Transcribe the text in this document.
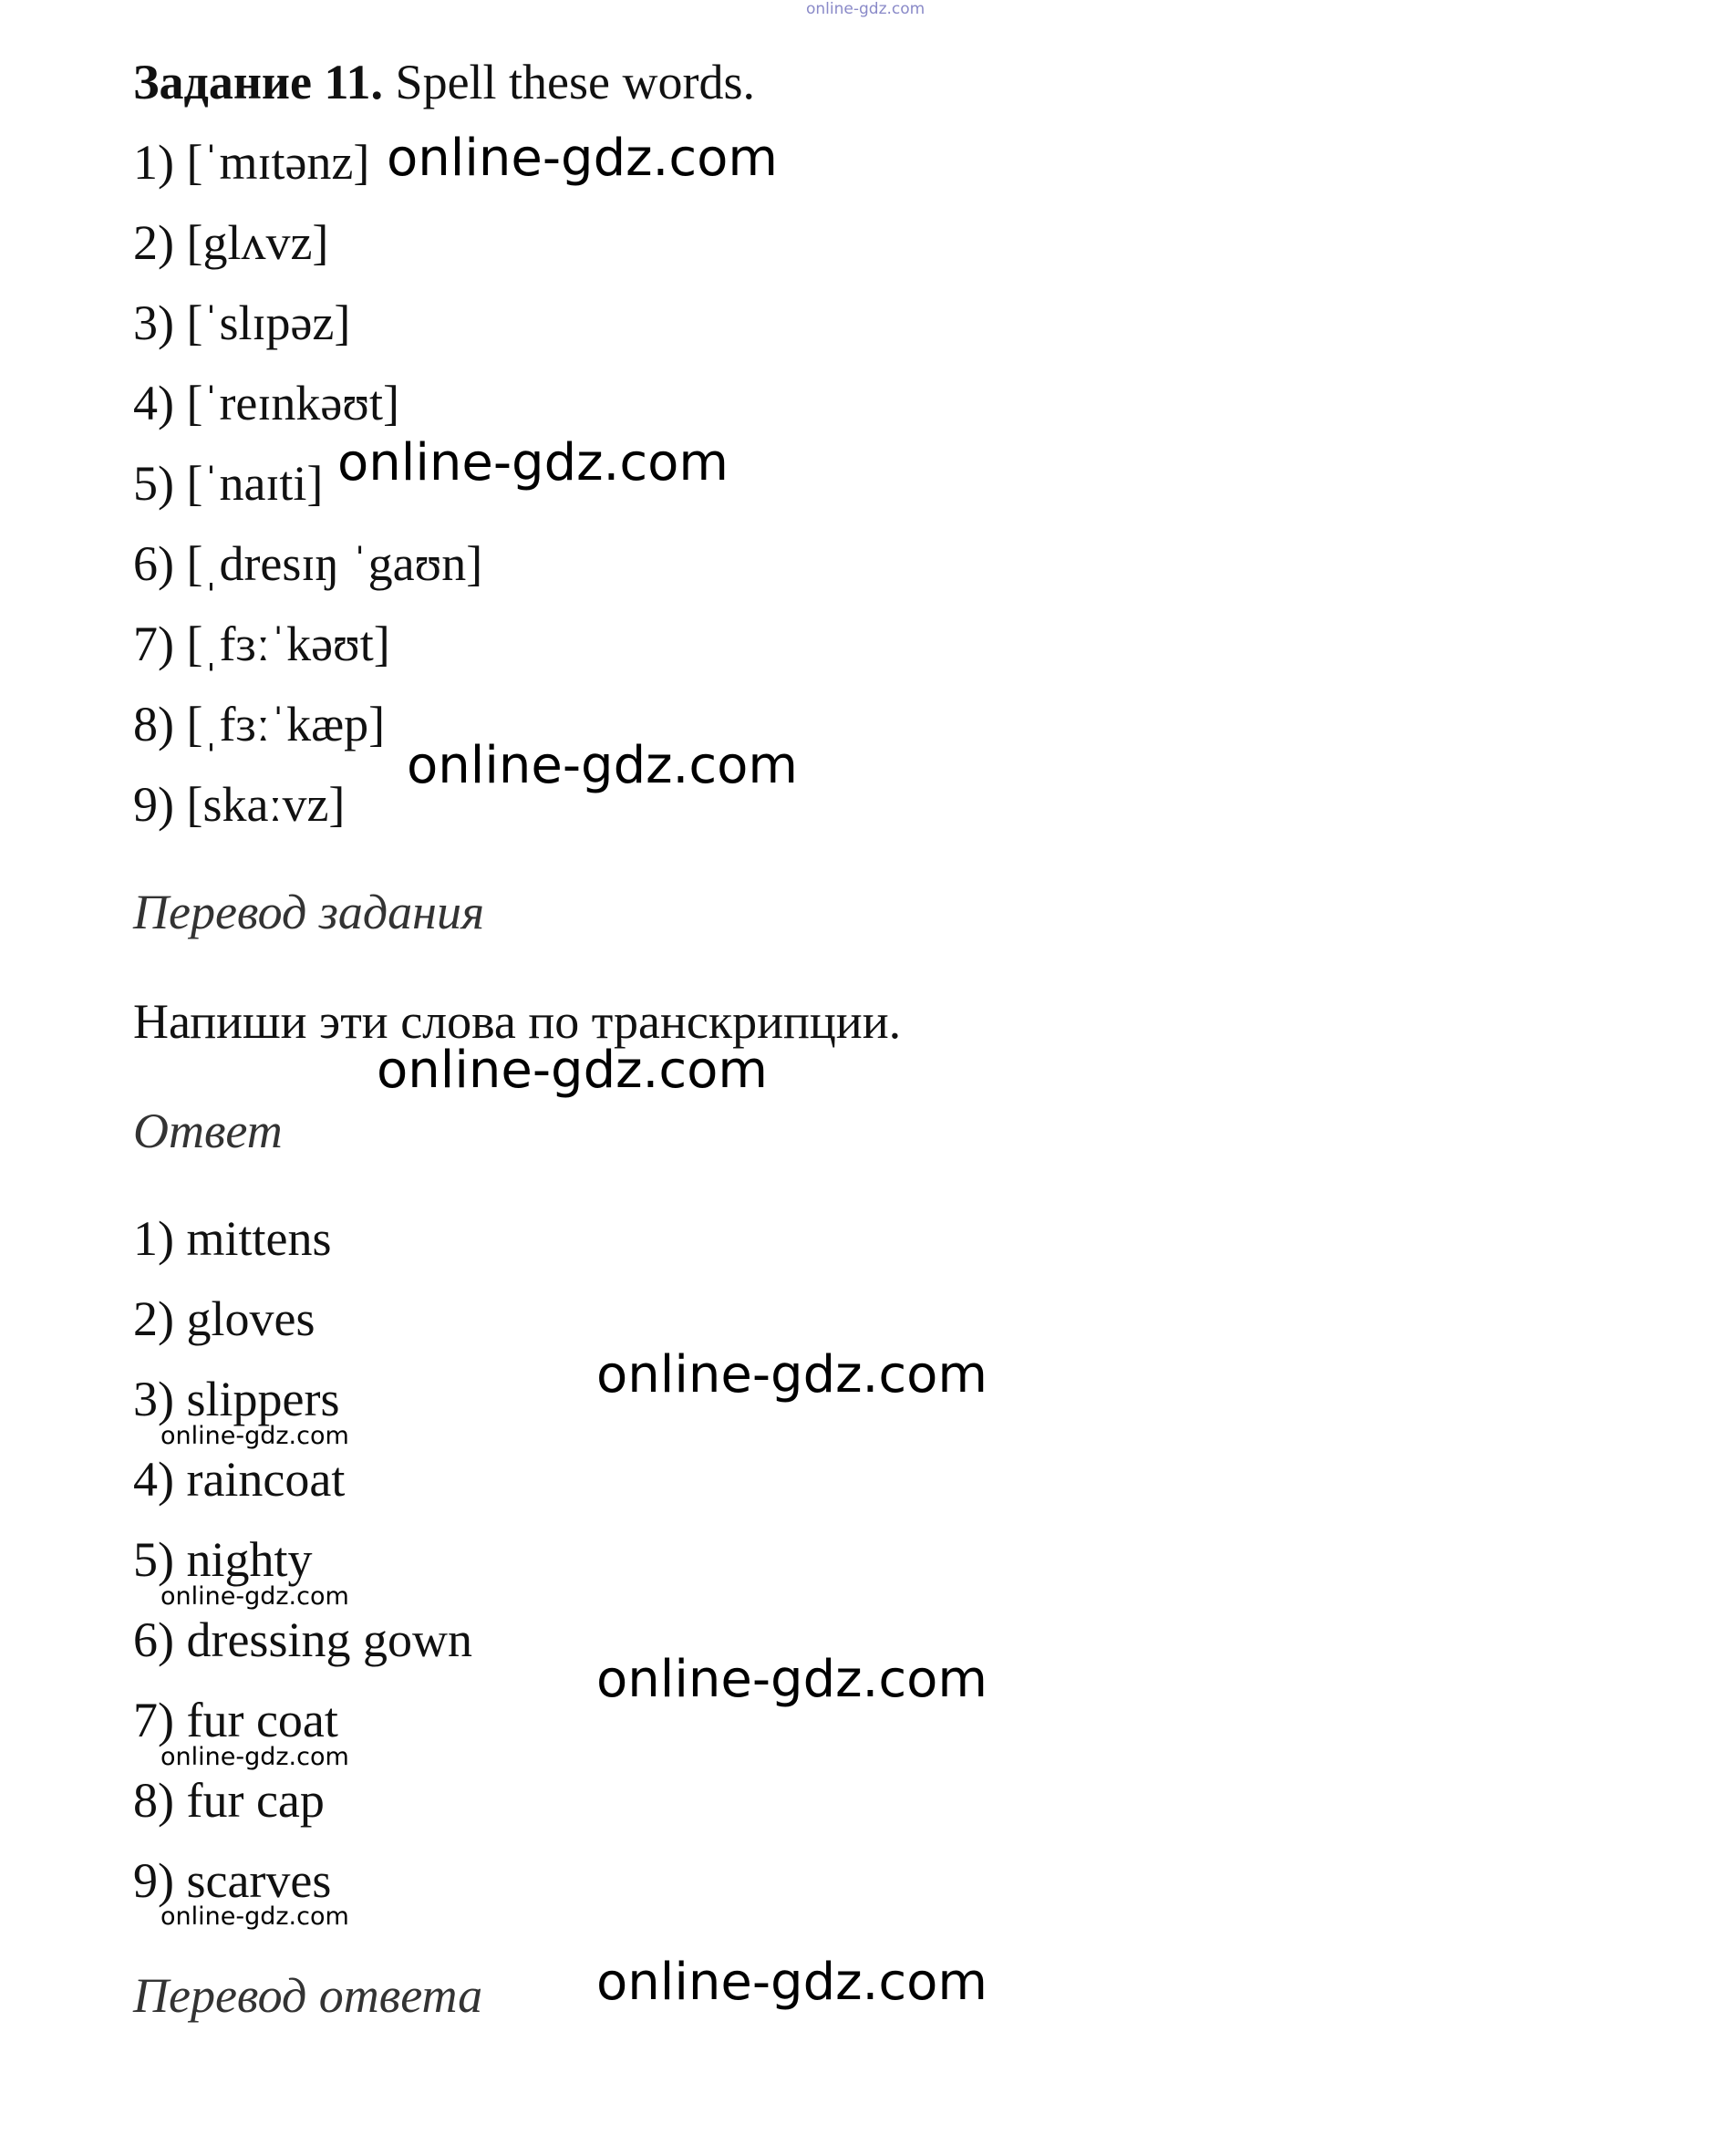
online-gdz.com
Задание 11. Spell these words.
1) [ˈmɪtənz]
2) [glʌvz]
3) [ˈslɪpəz]
4) [ˈreɪnkəʊt]
5) [ˈnaɪti]
6) [ˌdresɪŋ ˈgaʊn]
7) [ˌfɜːˈkəʊt]
8) [ˌfɜːˈkæp]
9) [skaːvz]
Перевод задания
Напиши эти слова по транскрипции.
Ответ
1) mittens
2) gloves
3) slippers
4) raincoat
5) nighty
6) dressing gown
7) fur coat
8) fur cap
9) scarves
Перевод ответа
online-gdz.com
online-gdz.com
online-gdz.com
online-gdz.com
online-gdz.com
online-gdz.com
online-gdz.com
online-gdz.com
online-gdz.com
online-gdz.com
online-gdz.com
